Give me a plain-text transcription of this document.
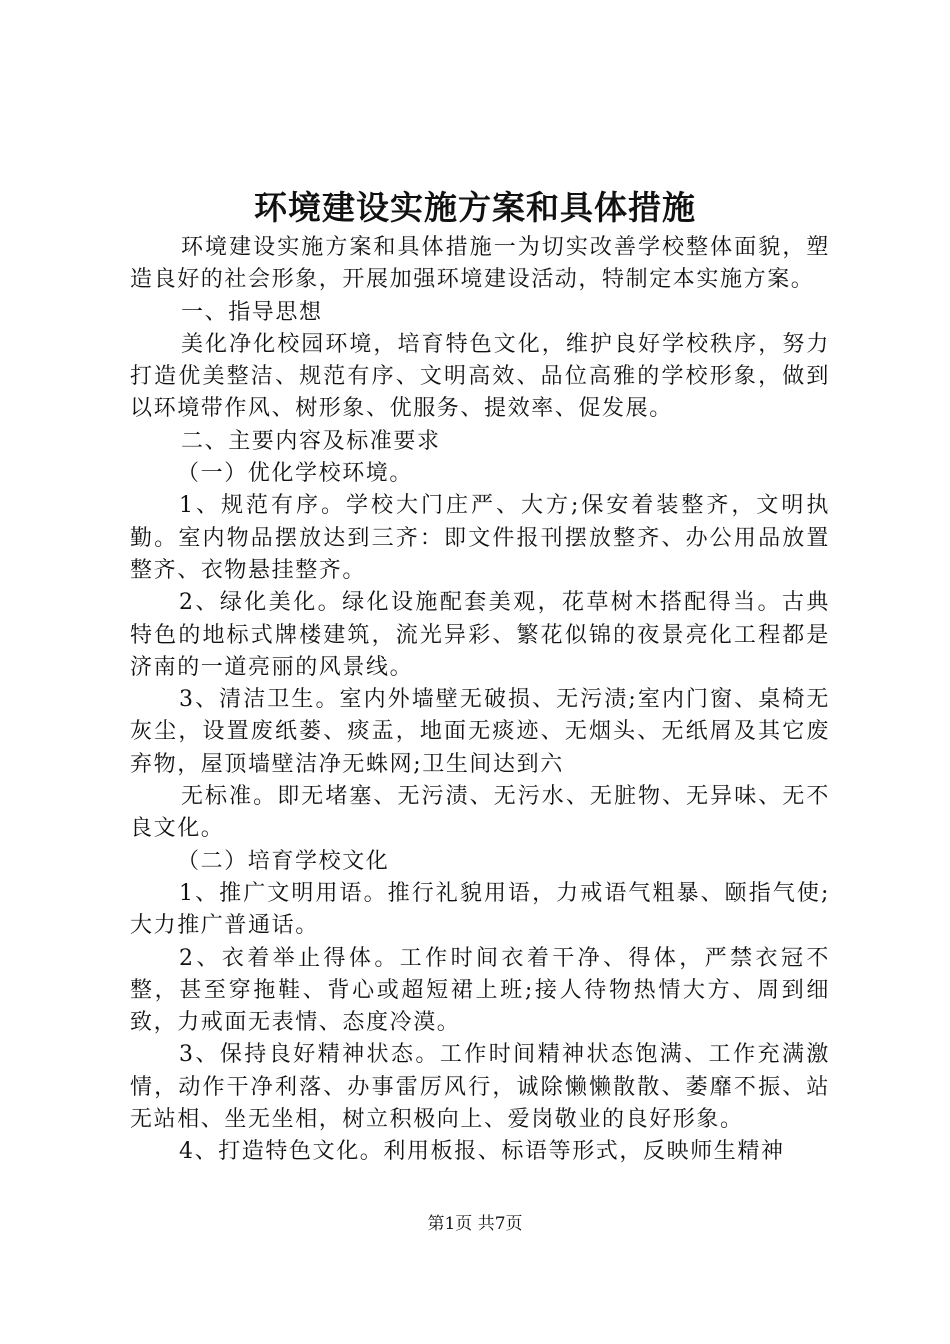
环境建设实施方案和具体措施

环境建设实施方案和具体措施一为切实改善学校整体面貌，塑造良好的社会形象，开展加强环境建设活动，特制定本实施方案。

一、指导思想

美化净化校园环境，培育特色文化，维护良好学校秩序，努力打造优美整洁、规范有序、文明高效、品位高雅的学校形象，做到以环境带作风、树形象、优服务、提效率、促发展。

二、主要内容及标准要求

（一）优化学校环境。

1、规范有序。学校大门庄严、大方;保安着装整齐，文明执勤。室内物品摆放达到三齐：即文件报刊摆放整齐、办公用品放置整齐、衣物悬挂整齐。

2、绿化美化。绿化设施配套美观，花草树木搭配得当。古典特色的地标式牌楼建筑，流光异彩、繁花似锦的夜景亮化工程都是济南的一道亮丽的风景线。

3、清洁卫生。室内外墙壁无破损、无污渍;室内门窗、桌椅无灰尘，设置废纸蒌、痰盂，地面无痰迹、无烟头、无纸屑及其它废弃物，屋顶墙壁洁净无蛛网;卫生间达到六

无标准。即无堵塞、无污渍、无污水、无脏物、无异味、无不良文化。

（二）培育学校文化

1、推广文明用语。推行礼貌用语，力戒语气粗暴、颐指气使;大力推广普通话。

2、衣着举止得体。工作时间衣着干净、得体，严禁衣冠不整，甚至穿拖鞋、背心或超短裙上班;接人待物热情大方、周到细致，力戒面无表情、态度冷漠。

3、保持良好精神状态。工作时间精神状态饱满、工作充满激情，动作干净利落、办事雷厉风行，诚除懒懒散散、萎靡不振、站无站相、坐无坐相，树立积极向上、爱岗敬业的良好形象。

4、打造特色文化。利用板报、标语等形式，反映师生精神

第1页 共7页
